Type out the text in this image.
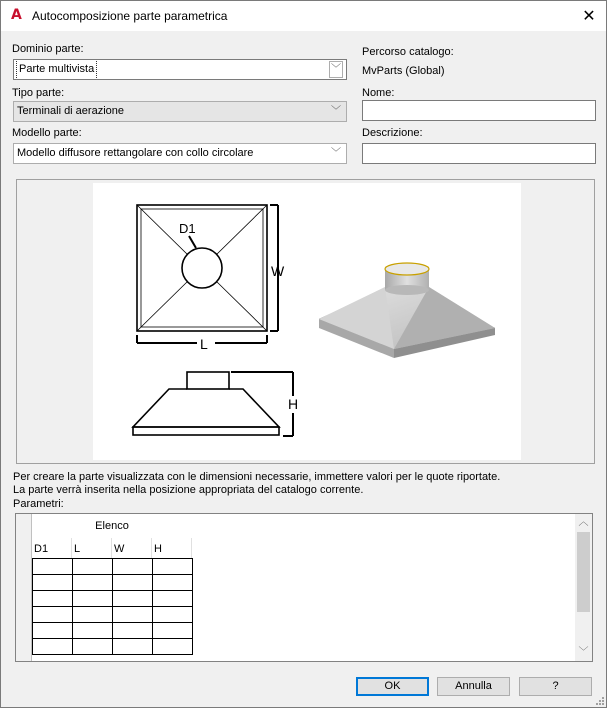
A Autocomposizione parte parametrica	✕
Dominio parte:
Parte multivista	﹀
Tipo parte:
Terminali di aerazione	﹀
Modello parte:
Modello diffusore rettangolare con collo circolare	﹀
Percorso catalogo:
MvParts (Global)
Nome:
Descrizione:
D1
W
L
H
Per creare la parte visualizzata con le dimensioni necessarie, immettere valori per le quote riportate.
La parte verrà inserita nella posizione appropriata del catalogo corrente.
Parametri:
Elenco
D1 L	W	H

︿
﹀
OK	Annulla	?
